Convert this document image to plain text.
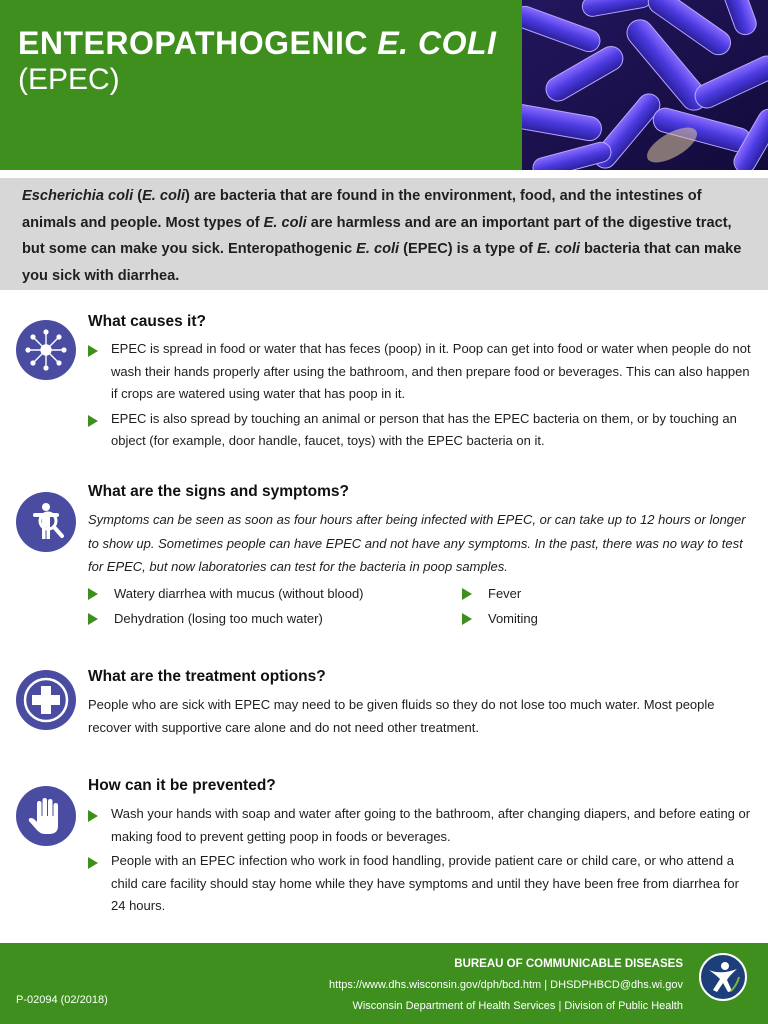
ENTEROPATHOGENIC E. COLI
(EPEC)

Escherichia coli (E. coli) are bacteria that are found in the environment, food, and the intestines of animals and people. Most types of E. coli are harmless and are an important part of the digestive tract, but some can make you sick. Enteropathogenic E. coli (EPEC) is a type of E. coli bacteria that can make you sick with diarrhea.

What causes it?
EPEC is spread in food or water that has feces (poop) in it. Poop can get into food or water when people do not wash their hands properly after using the bathroom, and then prepare food or beverages. This can also happen if crops are watered using water that has poop in it.
EPEC is also spread by touching an animal or person that has the EPEC bacteria on them, or by touching an object (for example, door handle, faucet, toys) with the EPEC bacteria on it.
What are the signs and symptoms?
Symptoms can be seen as soon as four hours after being infected with EPEC, or can take up to 12 hours or longer to show up. Sometimes people can have EPEC and not have any symptoms. In the past, there was no way to test for EPEC, but now laboratories can test for the bacteria in poop samples.
Watery diarrhea with mucus (without blood)
Dehydration (losing too much water)
Fever
Vomiting
What are the treatment options?
People who are sick with EPEC may need to be given fluids so they do not lose too much water. Most people recover with supportive care alone and do not need other treatment.
How can it be prevented?
Wash your hands with soap and water after going to the bathroom, after changing diapers, and before eating or making food to prevent getting poop in foods or beverages.
People with an EPEC infection who work in food handling, provide patient care or child care, or who attend a child care facility should stay home while they have symptoms and until they have been free from diarrhea for 24 hours.
P-02094 (02/2018)
BUREAU OF COMMUNICABLE DISEASES
https://www.dhs.wisconsin.gov/dph/bcd.htm | DHSDPHBCD@dhs.wi.gov
Wisconsin Department of Health Services | Division of Public Health
